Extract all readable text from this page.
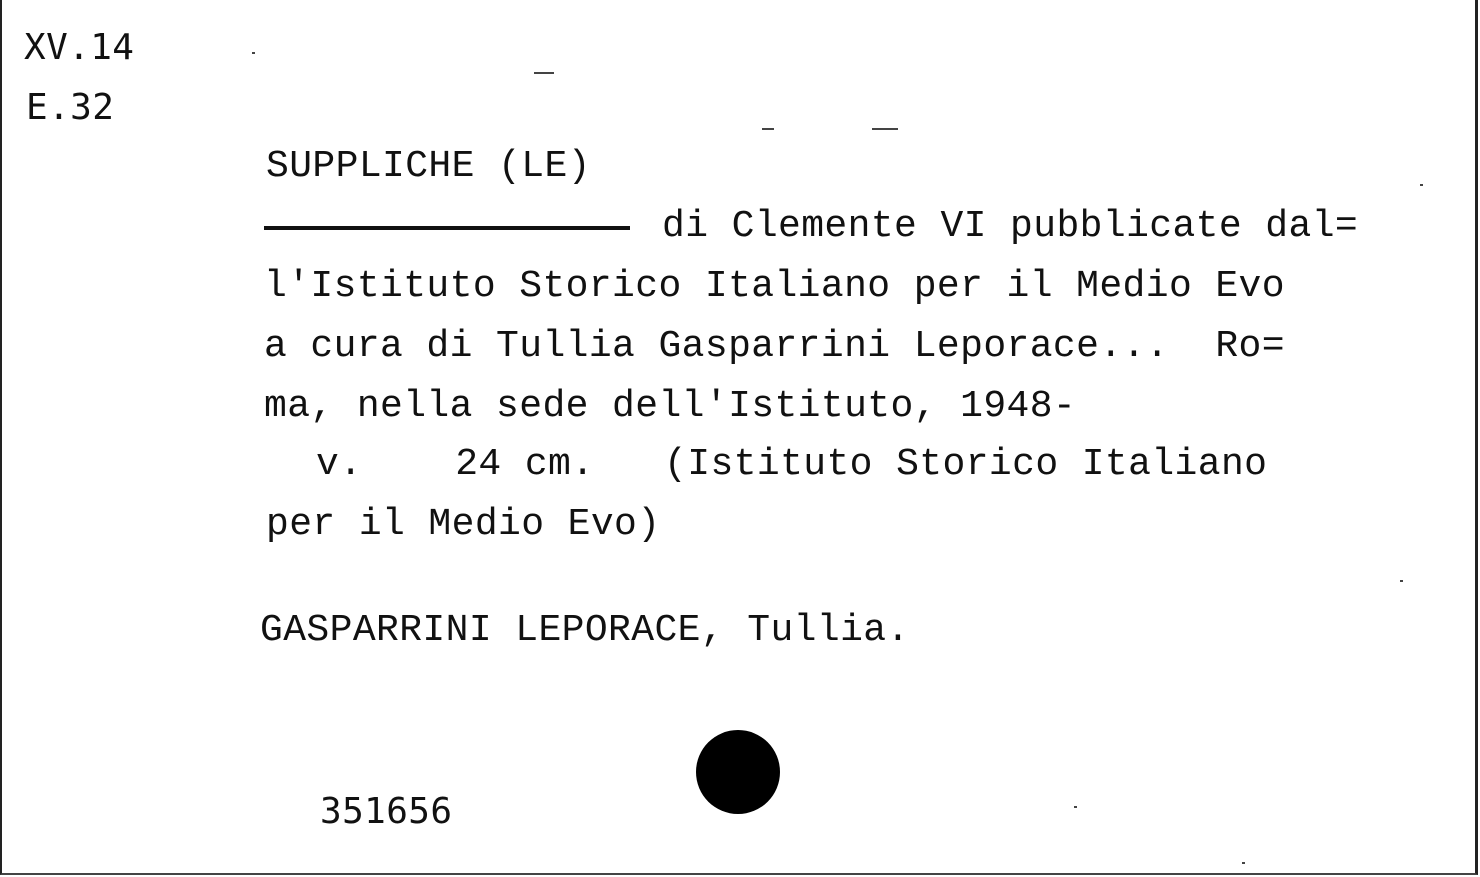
XV.14
E.32
SUPPLICHE (LE)
di Clemente VI pubblicate dal=
l'Istituto Storico Italiano per il Medio Evo
a cura di Tullia Gasparrini Leporace...  Ro=
ma, nella sede dell'Istituto, 1948-
v.    24 cm.   (Istituto Storico Italiano
per il Medio Evo)
GASPARRINI LEPORACE, Tullia.
351656
